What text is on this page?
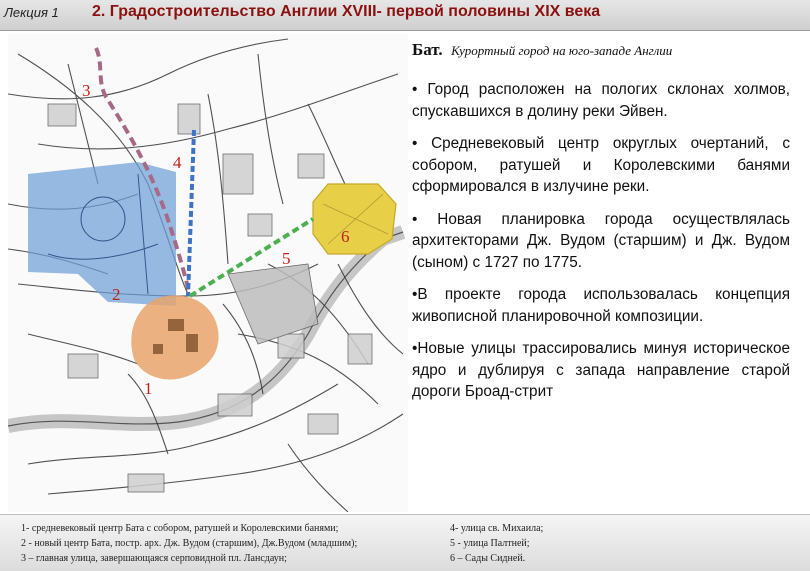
Лекция 1 2. Градостроительство Англии XVIII- первой половины XIX века
1
2
3
4
5
6
Бат. Курортный город на юго-западе Англии
• Город расположен на пологих склонах холмов, спускавшихся в долину реки Эйвен.
• Средневековый центр округлых очертаний, с собором, ратушей и Королевскими банями сформировался в излучине реки.
• Новая планировка города осуществлялась архитекторами Дж. Вудом (старшим) и Дж. Вудом (сыном) с 1727 по 1775.
•В проекте города использовалась концепция живописной планировочной композиции.
•Новые улицы трассировались минуя историческое ядро и дублируя с запада направление старой дороги Броад-стрит
1- средневековый центр Бата с собором, ратушей и Королевскими банями;
2 - новый центр Бата, постр. арх. Дж. Вудом (старшим), Дж.Вудом (младшим);
3 – главная улица, завершающаяся серповидной пл. Лансдаун;
4- улица св. Михаила;
5 - улица Палтней;
6 – Сады Сидней.
